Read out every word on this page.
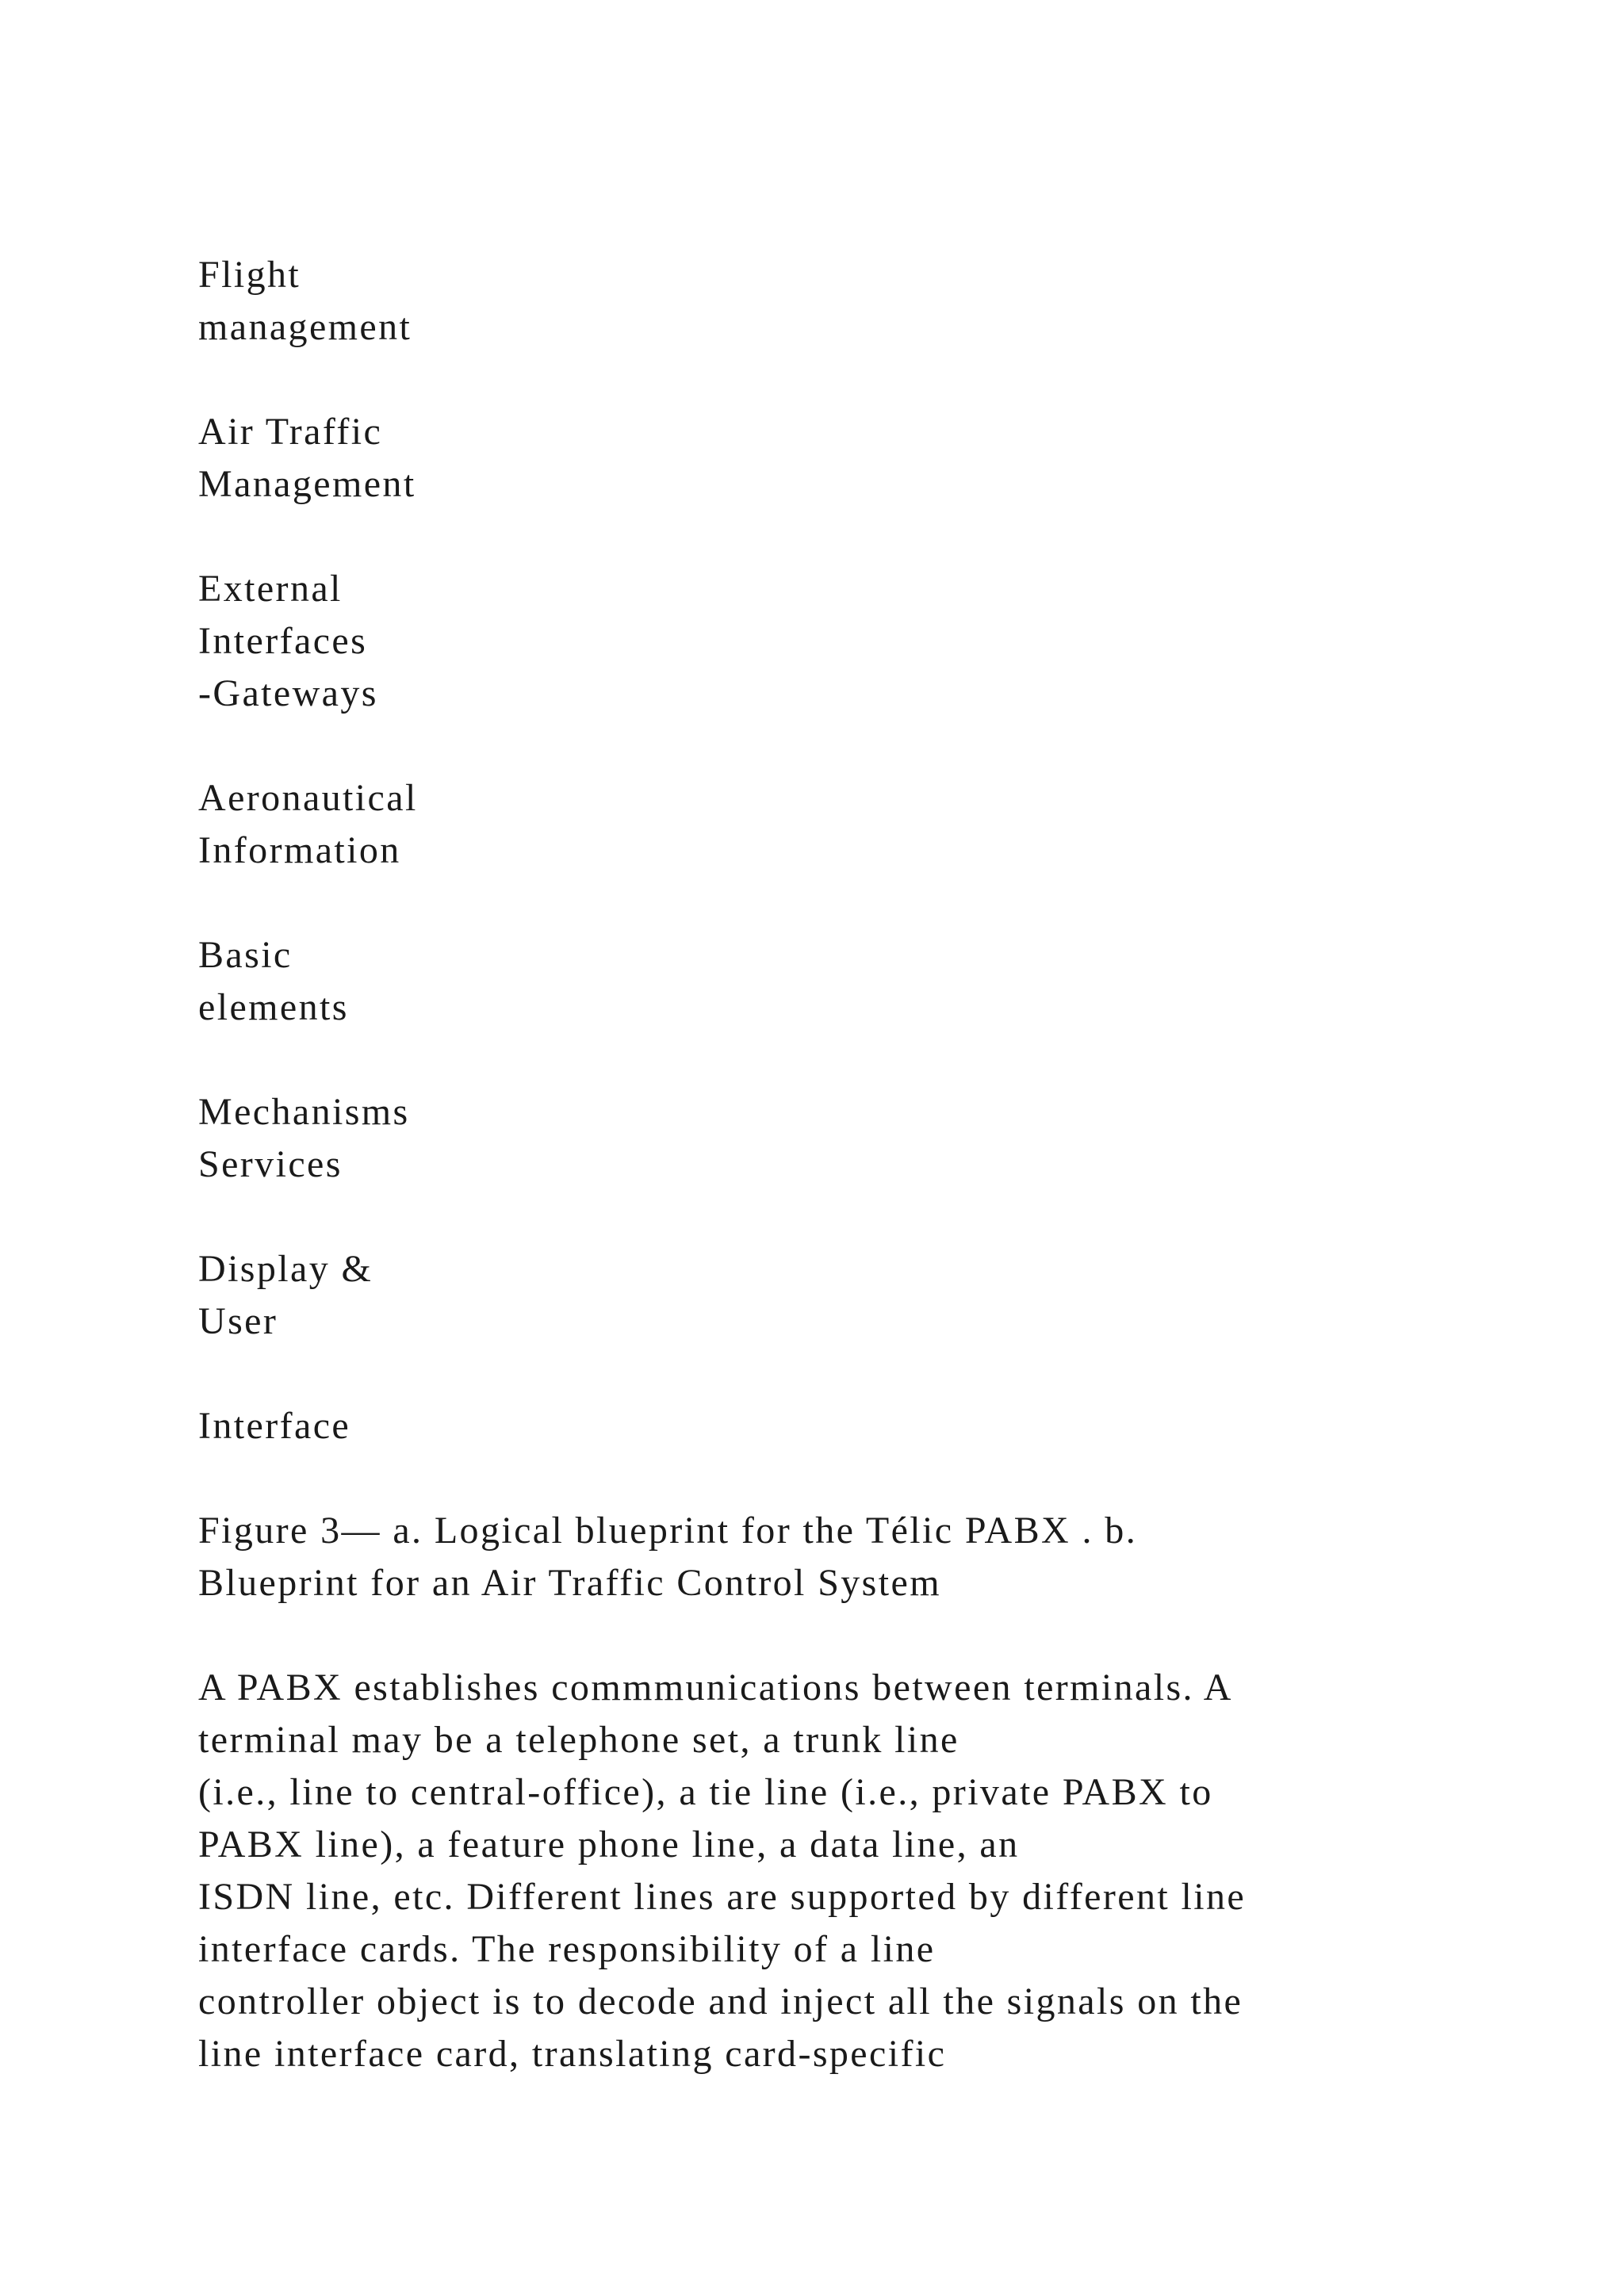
Flight
management
Air Traffic
Management
External
Interfaces
-Gateways
Aeronautical
Information
Basic
elements
Mechanisms
Services
Display &
User
Interface
Figure 3— a. Logical blueprint for the Télic PABX . b.
Blueprint for an Air Traffic Control System
A PABX establishes commmunications between terminals. A
terminal may be a telephone set, a trunk line
(i.e., line to central-office), a tie line (i.e., private PABX to
PABX line), a feature phone line, a data line, an
ISDN line, etc. Different lines are supported by different line
interface cards. The responsibility of a line
controller object is to decode and inject all the signals on the
line interface card, translating card-specific
